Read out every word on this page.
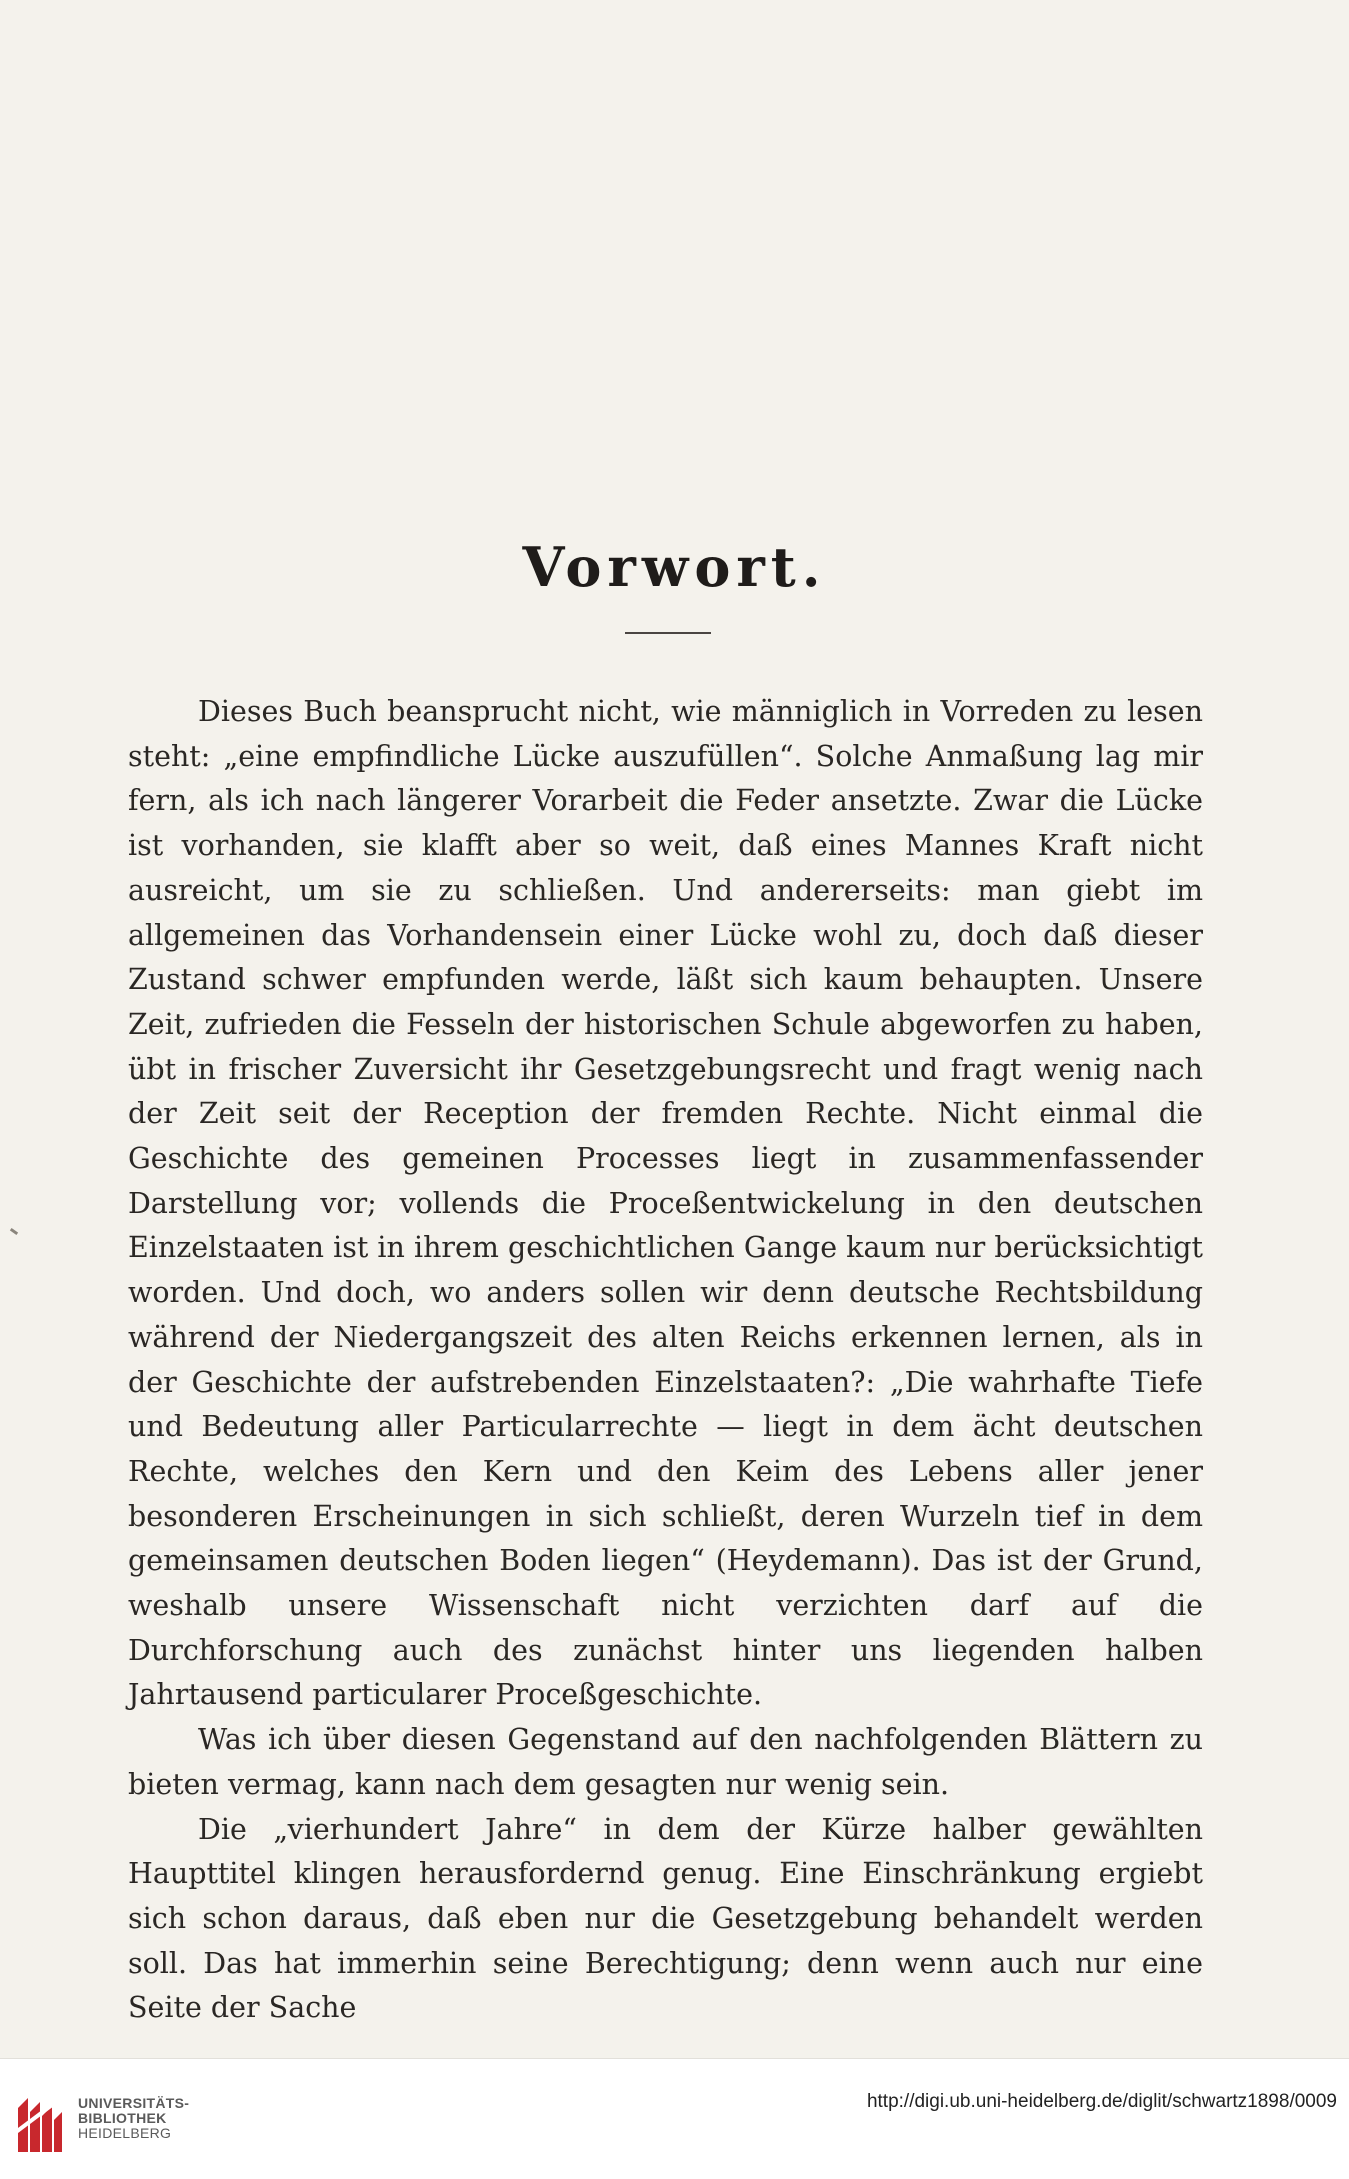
Vorwort.

Dieses Buch beansprucht nicht, wie männiglich in Vorreden zu lesen steht: „eine empfindliche Lücke auszufüllen“. Solche Anmaßung lag mir fern, als ich nach längerer Vorarbeit die Feder ansetzte. Zwar die Lücke ist vorhanden, sie klafft aber so weit, daß eines Mannes Kraft nicht ausreicht, um sie zu schließen. Und andererseits: man giebt im allgemeinen das Vorhandensein einer Lücke wohl zu, doch daß dieser Zustand schwer empfunden werde, läßt sich kaum behaupten. Unsere Zeit, zufrieden die Fesseln der historischen Schule abgeworfen zu haben, übt in frischer Zuversicht ihr Gesetzgebungsrecht und fragt wenig nach der Zeit seit der Reception der fremden Rechte. Nicht einmal die Geschichte des gemeinen Processes liegt in zusammenfassender Darstellung vor; vollends die Proceßentwickelung in den deutschen Einzelstaaten ist in ihrem geschichtlichen Gange kaum nur berücksichtigt worden. Und doch, wo anders sollen wir denn deutsche Rechtsbildung während der Niedergangszeit des alten Reichs erkennen lernen, als in der Geschichte der aufstrebenden Einzelstaaten?: „Die wahrhafte Tiefe und Bedeutung aller Particularrechte — liegt in dem ächt deutschen Rechte, welches den Kern und den Keim des Lebens aller jener besonderen Erscheinungen in sich schließt, deren Wurzeln tief in dem gemeinsamen deutschen Boden liegen“ (Heydemann). Das ist der Grund, weshalb unsere Wissenschaft nicht verzichten darf auf die Durchforschung auch des zunächst hinter uns liegenden halben Jahrtausend particularer Proceßgeschichte.

Was ich über diesen Gegenstand auf den nachfolgenden Blättern zu bieten vermag, kann nach dem gesagten nur wenig sein.

Die „vierhundert Jahre“ in dem der Kürze halber gewählten Haupttitel klingen herausfordernd genug. Eine Einschränkung ergiebt sich schon daraus, daß eben nur die Gesetzgebung behandelt werden soll. Das hat immerhin seine Berechtigung; denn wenn auch nur eine Seite der Sache

UNIVERSITÄTS-
BIBLIOTHEK
HEIDELBERG
http://digi.ub.uni-heidelberg.de/diglit/schwartz1898/0009
